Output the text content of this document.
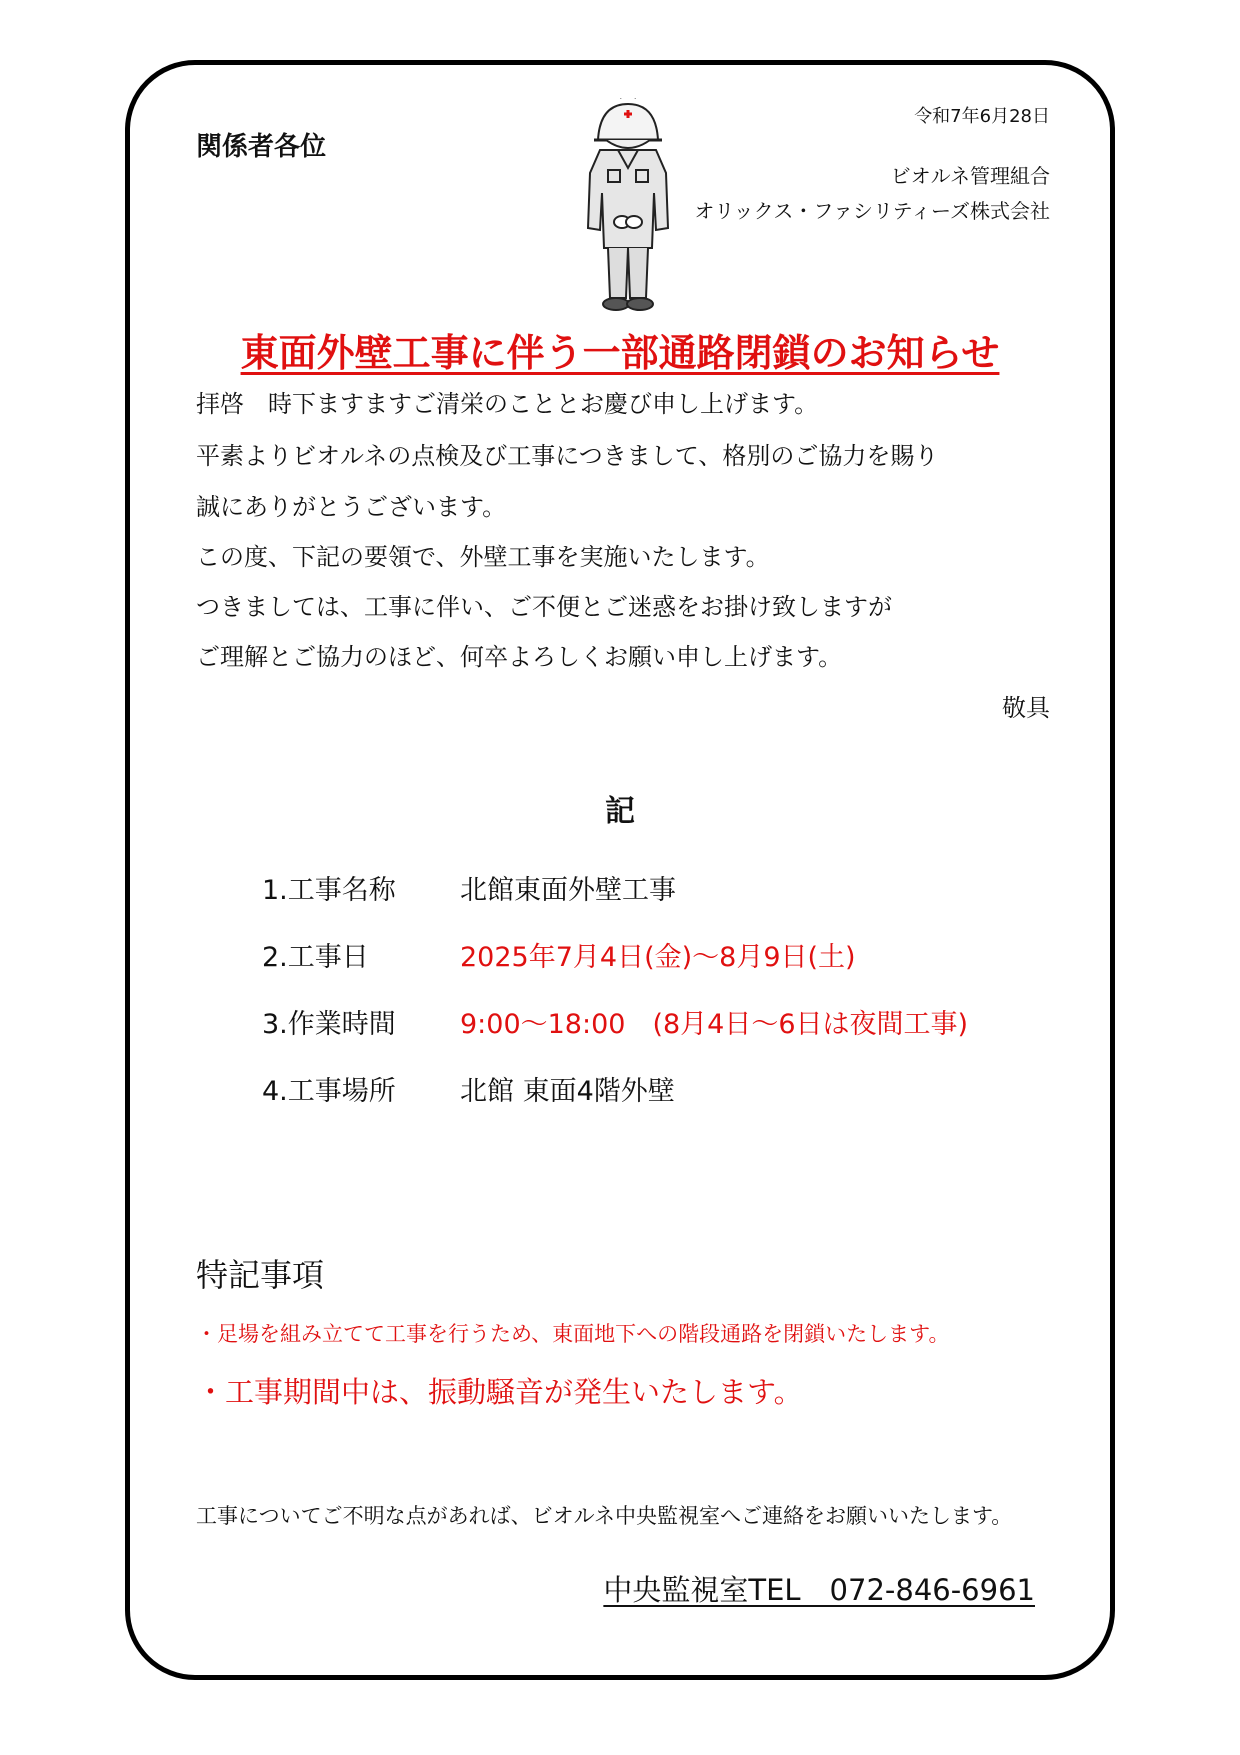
関係者各位
令和7年6月28日
ビオルネ管理組合
オリックス・ファシリティーズ株式会社
東面外壁工事に伴う一部通路閉鎖のお知らせ
拝啓　時下ますますご清栄のこととお慶び申し上げます。
平素よりビオルネの点検及び工事につきまして、格別のご協力を賜り
誠にありがとうございます。
この度、下記の要領で、外壁工事を実施いたします。
つきましては、工事に伴い、ご不便とご迷惑をお掛け致しますが
ご理解とご協力のほど、何卒よろしくお願い申し上げます。
敬具
記
1.工事名称 北館東面外壁工事
2.工事日	2025年7月4日(金)～8月9日(土)
3.作業時間 9:00～18:00　(8月4日～6日は夜間工事)
4.工事場所 北館 東面4階外壁
特記事項
・足場を組み立てて工事を行うため、東面地下への階段通路を閉鎖いたします。
・工事期間中は、振動騒音が発生いたします。
工事についてご不明な点があれば、ビオルネ中央監視室へご連絡をお願いいたします。
中央監視室TEL　072-846-6961
